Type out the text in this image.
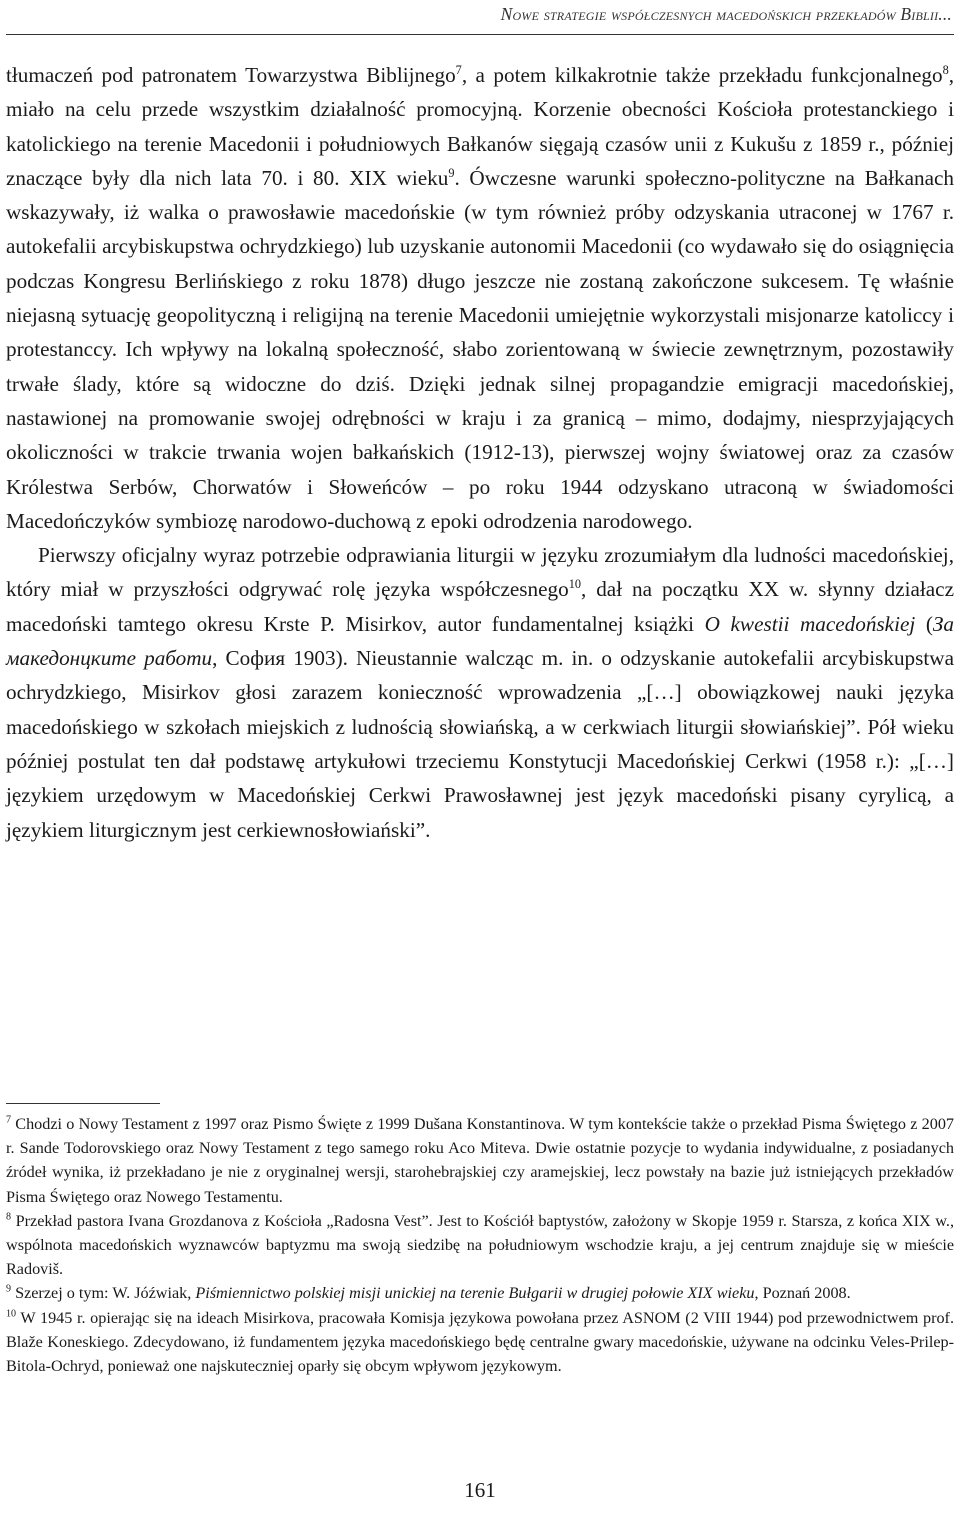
Nowe strategie współczesnych macedońskich przekładów Biblii...

tłumaczeń pod patronatem Towarzystwa Biblijnego$^7$, a potem kilkakrotnie także przekładu funkcjonalnego$^8$, miało na celu przede wszystkim działalność promocyjną. Korzenie obecności Kościoła protestanckiego i katolickiego na terenie Macedonii i południowych Bałkanów sięgają czasów unii z Kukušu z 1859 r., później znaczące były dla nich lata 70. i 80. XIX wieku$^9$. Ówczesne warunki społeczno-polityczne na Bałkanach wskazywały, iż walka o prawosławie macedońskie (w tym również próby odzyskania utraconej w 1767 r. autokefalii arcybiskupstwa ochrydzkiego) lub uzyskanie autonomii Macedonii (co wydawało się do osiągnięcia podczas Kongresu Berlińskiego z roku 1878) długo jeszcze nie zostaną zakończone sukcesem. Tę właśnie niejasną sytuację geopolityczną i religijną na terenie Macedonii umiejętnie wykorzystali misjonarze katoliccy i protestanccy. Ich wpływy na lokalną społeczność, słabo zorientowaną w świecie zewnętrznym, pozostawiły trwałe ślady, które są widoczne do dziś. Dzięki jednak silnej propagandzie emigracji macedońskiej, nastawionej na promowanie swojej odrębności w kraju i za granicą – mimo, dodajmy, niesprzyjających okoliczności w trakcie trwania wojen bałkańskich (1912-13), pierwszej wojny światowej oraz za czasów Królestwa Serbów, Chorwatów i Słoweńców – po roku 1944 odzyskano utraconą w świadomości Macedończyków symbiozę narodowo-duchową z epoki odrodzenia narodowego.

Pierwszy oficjalny wyraz potrzebie odprawiania liturgii w języku zrozumiałym dla ludności macedońskiej, który miał w przyszłości odgrywać rolę języka współczesnego$^{10}$, dał na początku XX w. słynny działacz macedoński tamtego okresu Krste P. Misirkov, autor fundamentalnej książki O kwestii macedońskiej (За македонцките работи, София 1903). Nieustannie walcząc m. in. o odzyskanie autokefalii arcybiskupstwa ochrydzkiego, Misirkov głosi zarazem konieczność wprowadzenia „[…] obowiązkowej nauki języka macedońskiego w szkołach miejskich z ludnością słowiańską, a w cerkwiach liturgii słowiańskiej”. Pół wieku później postulat ten dał podstawę artykułowi trzeciemu Konstytucji Macedońskiej Cerkwi (1958 r.): „[…] językiem urzędowym w Macedońskiej Cerkwi Prawosławnej jest język macedoński pisany cyrylicą, a językiem liturgicznym jest cerkiewnosłowiański”.

$^7$ Chodzi o Nowy Testament z 1997 oraz Pismo Święte z 1999 Dušana Konstantinova. W tym kontekście także o przekład Pisma Świętego z 2007 r. Sande Todorovskiego oraz Nowy Testament z tego samego roku Aco Miteva. Dwie ostatnie pozycje to wydania indywidualne, z posiadanych źródeł wynika, iż przekładano je nie z oryginalnej wersji, starohebrajskiej czy aramejskiej, lecz powstały na bazie już istniejących przekładów Pisma Świętego oraz Nowego Testamentu.

$^8$ Przekład pastora Ivana Grozdanova z Kościoła „Radosna Vest”. Jest to Kościół baptystów, założony w Skopje 1959 r. Starsza, z końca XIX w., wspólnota macedońskich wyznawców baptyzmu ma swoją siedzibę na południowym wschodzie kraju, a jej centrum znajduje się w mieście Radoviš.

$^9$ Szerzej o tym: W. Jóźwiak, Piśmiennictwo polskiej misji unickiej na terenie Bułgarii w drugiej połowie XIX wieku, Poznań 2008.

$^{10}$ W 1945 r. opierając się na ideach Misirkova, pracowała Komisja językowa powołana przez ASNOM (2 VIII 1944) pod przewodnictwem prof. Blaže Koneskiego. Zdecydowano, iż fundamentem języka macedońskiego będę centralne gwary macedońskie, używane na odcinku Veles-Prilep-Bitola-Ochryd, ponieważ one najskuteczniej oparły się obcym wpływom językowym.

161
